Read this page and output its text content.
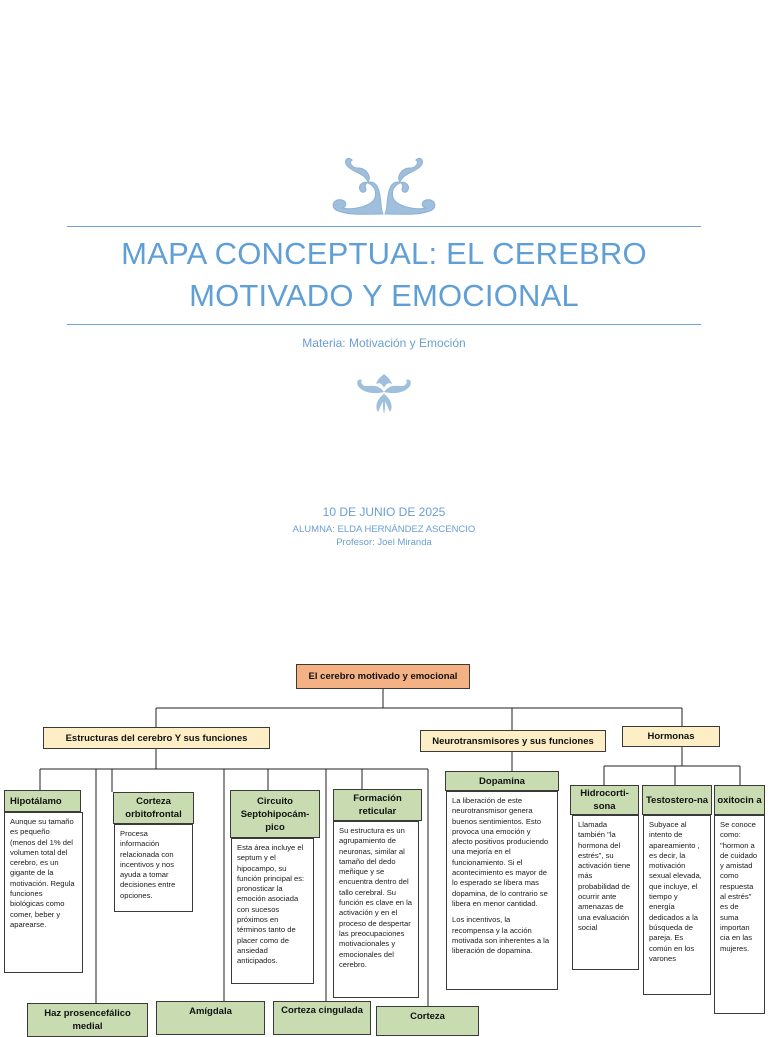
MAPA CONCEPTUAL: EL CEREBRO
MOTIVADO Y EMOCIONAL
Materia: Motivación y Emoción
10 DE JUNIO DE 2025
ALUMNA: ELDA HERNÁNDEZ ASCENCIO
Profesor: Joel Miranda
El cerebro motivado y emocional
Estructuras del cerebro Y sus funciones	Neurotransmisores y sus funciones	Hormonas
Hipotálamo
Aunque su tamaño es pequeño (menos del 1% del volumen total del cerebro, es un gigante de la motivación. Regula funciones biológicas como comer, beber y aparearse.
Corteza orbitofrontal
Procesa información relacionada con incentivos y nos ayuda a tomar decisiones entre opciones.
Circuito Septohipocám-pico
Esta área incluye el septum y el hipocampo, su función principal es: pronosticar la emoción asociada con sucesos próximos en términos tanto de placer como de ansiedad anticipados.
Formación reticular
Su estructura es un agrupamiento de neuronas, similar al tamaño del dedo meñique y se encuentra dentro del tallo cerebral. Su función es clave en la activación y en el proceso de despertar las preocupaciones motivacionales y emocionales del cerebro.
Dopamina

La liberación de este neurotransmisor genera buenos sentimientos. Esto provoca una emoción y afecto positivos produciendo una mejoría en el funcionamiento. Si el acontecimiento es mayor de lo esperado se libera mas dopamina, de lo contrario se libera en menor cantidad.

Los incentivos, la recompensa y la acción motivada son inherentes a la liberación de dopamina.

Hidrocorti-sona
Llamada también "la hormona del estrés", su activación tiene más probabilidad de ocurrir ante amenazas de una evaluación social
Testostero-na
Subyace al intento de apareamiento , es decir, la motivación sexual elevada, que incluye, el tiempo y energía dedicados a la búsqueda de pareja. Es común en los varones
oxitocin a
Se conoce como: "hormon a de cuidado y amistad como respuesta al estrés" es de suma importan cia en las mujeres.
Haz prosencefálico medial
Amígdala	Corteza cingulada
Corteza
